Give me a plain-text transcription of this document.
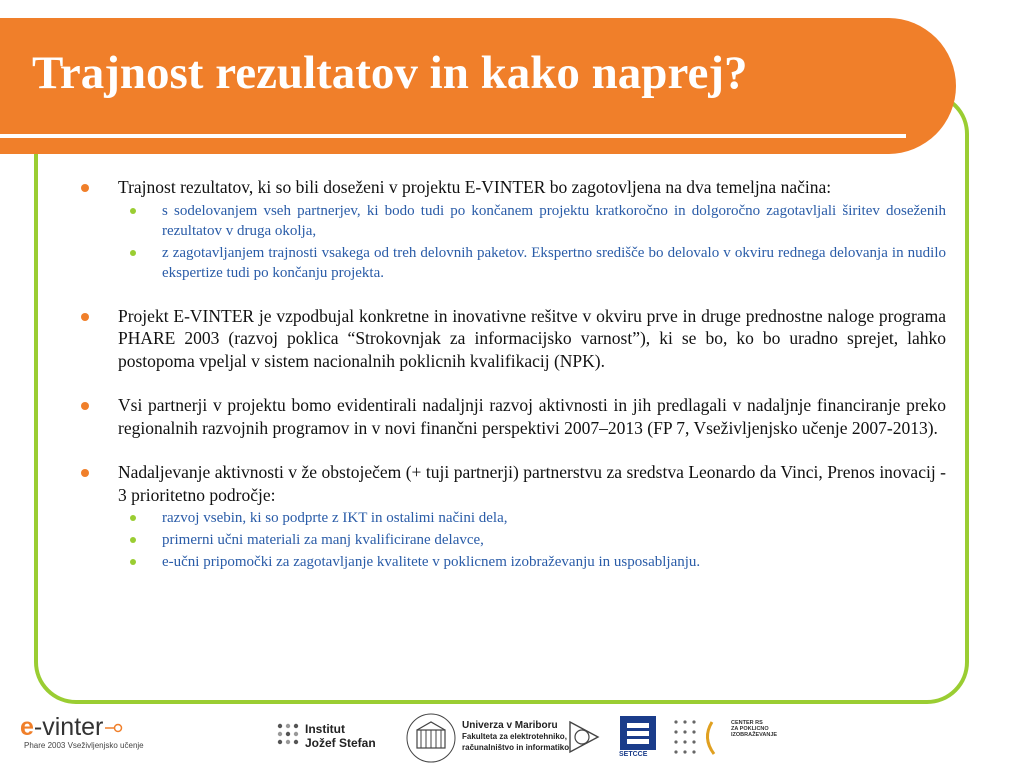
Trajnost rezultatov in kako naprej?
Trajnost rezultatov, ki so bili doseženi v projektu E-VINTER bo zagotovljena na dva temeljna načina:
s sodelovanjem vseh partnerjev, ki bodo tudi po končanem projektu kratkoročno in dolgoročno zagotavljali širitev doseženih rezultatov v druga okolja,
z zagotavljanjem trajnosti vsakega od treh delovnih paketov. Ekspertno središče bo delovalo v okviru rednega delovanja in nudilo ekspertize tudi po končanju projekta.
Projekt E-VINTER je vzpodbujal konkretne in inovativne rešitve v okviru prve in druge prednostne naloge programa PHARE 2003 (razvoj poklica “Strokovnjak za informacijsko varnost”), ki se bo, ko bo uradno sprejet, lahko postopoma vpeljal v sistem nacionalnih poklicnih kvalifikacij (NPK).
Vsi partnerji v projektu bomo evidentirali nadaljnji razvoj aktivnosti in jih predlagali v nadaljnje financiranje preko regionalnih razvojnih programov in v novi finančni perspektivi 2007–2013 (FP 7, Vseživljenjsko učenje 2007-2013).
Nadaljevanje aktivnosti v že obstoječem (+ tuji partnerji) partnerstvu za sredstva Leonardo da Vinci, Prenos inovacij - 3 prioritetno področje:
razvoj vsebin, ki so podprte z IKT in ostalimi načini dela,
primerni učni materiali za manj kvalificirane delavce,
e-učni pripomočki za zagotavljanje kvalitete v poklicnem izobraževanju in usposabljanju.
e-vinter
Phare 2003 Vseživljenjsko učenje
Institut
Jožef Stefan
Univerza v Mariboru
Fakulteta za elektrotehniko,
računalništvo in informatiko
SETCCE
CENTER RS
ZA POKLICNO
IZOBRAŽEVANJE
